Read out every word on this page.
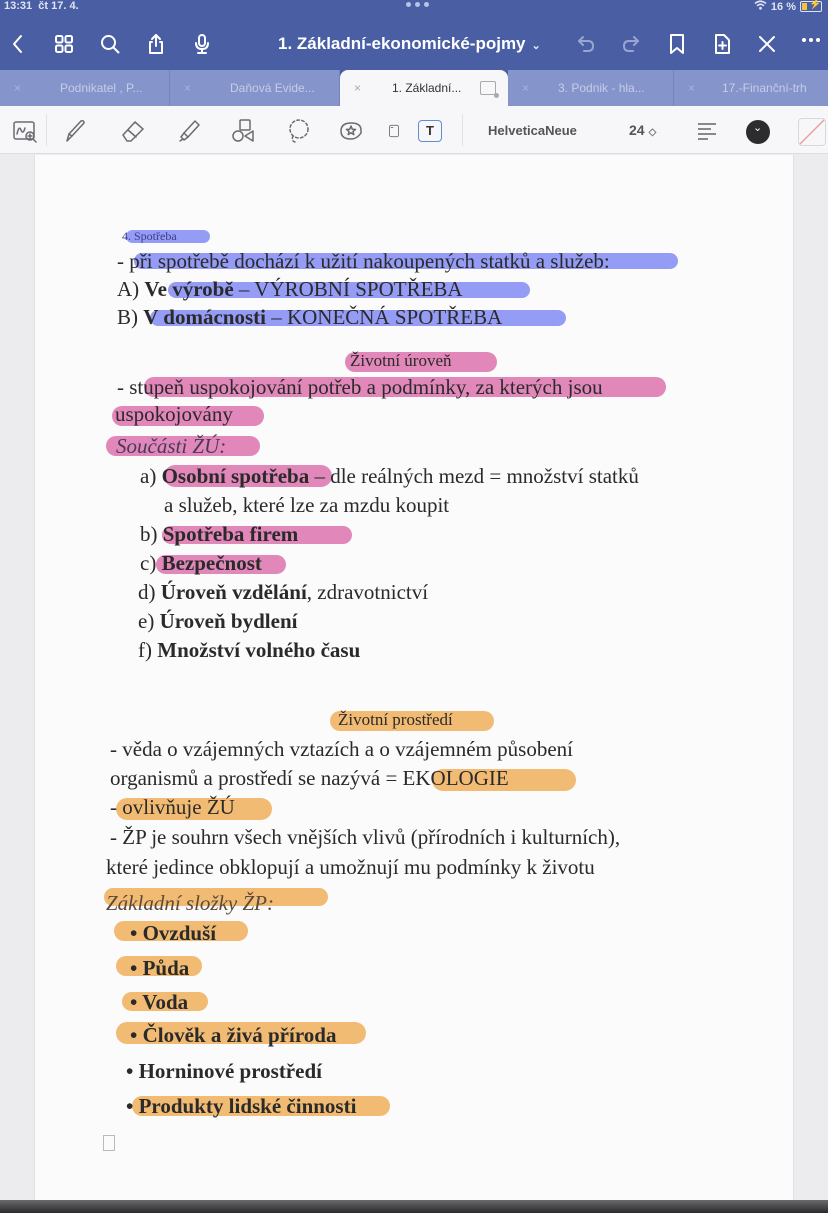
13:31 čt 17. 4.	16 %
⚡
1. Základní-ekonomické-pojmy ⌄
×	Podnikatel , P...	×	Daňová Evide...	×	1. Základní...	× 3. Podnik - hla...	× 17.-Finanční-trh
T	HelveticaNeue	24 ◇
⌄
4. Spotřeba
- při spotřebě dochází k užití nakoupených statků a služeb:
A) Ve výrobě – VÝROBNÍ SPOTŘEBA
B) V domácnosti – KONEČNÁ SPOTŘEBA
Životní úroveň
- stupeň uspokojování potřeb a podmínky, za kterých jsou
uspokojovány
Součásti ŽÚ:
a) Osobní spotřeba – dle reálných mezd = množství statků
a služeb, které lze za mzdu koupit
b) Spotřeba firem
c) Bezpečnost
d) Úroveň vzdělání, zdravotnictví
e) Úroveň bydlení
f) Množství volného času
Životní prostředí
- věda o vzájemných vztazích a o vzájemném působení
organismů a prostředí se nazývá = EKOLOGIE
- ovlivňuje ŽÚ
- ŽP je souhrn všech vnějších vlivů (přírodních i kulturních),
které jedince obklopují a umožnují mu podmínky k životu
Základní složky ŽP:
• Ovzduší
• Půda
• Voda
• Člověk a živá příroda
• Horninové prostředí
• Produkty lidské činnosti
